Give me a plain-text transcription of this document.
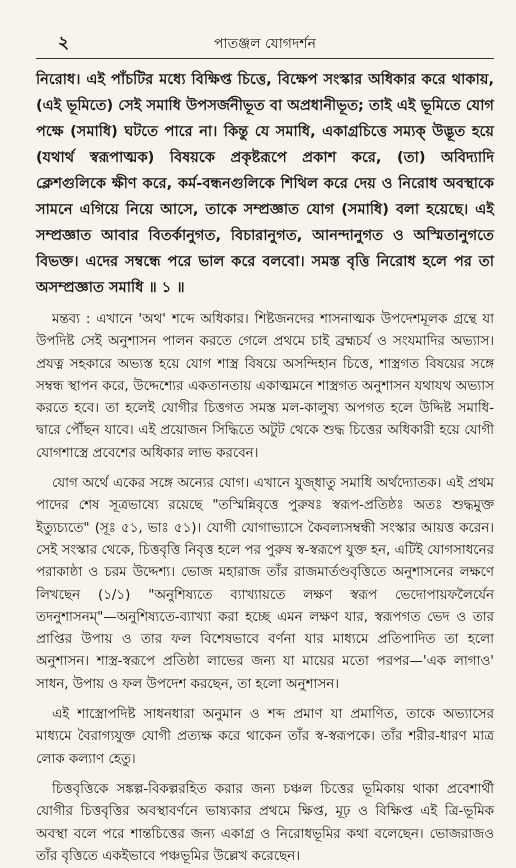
২	পাতঞ্জল যোগদর্শন

নিরোধ। এই পাঁচটির মধ্যে বিক্ষিপ্ত চিত্তে, বিক্ষেপ সংস্কার অধিকার করে থাকায়, (এই ভূমিতে) সেই সমাধি উপসর্জনীভূত বা অপ্রধানীভূত; তাই এই ভূমিতে যোগ পক্ষে (সমাধি) ঘটতে পারে না। কিন্তু যে সমাধি, একাগ্রচিত্তে সম্যক্ উদ্ভূত হয়ে (যথার্থ স্বরূপাত্মক) বিষয়কে প্রকৃষ্টরূপে প্রকাশ করে, (তা) অবিদ্যাদি ক্লেশগুলিকে ক্ষীণ করে, কর্ম-বন্ধনগুলিকে শিথিল করে দেয় ও নিরোধ অবস্থাকে সামনে এগিয়ে নিয়ে আসে, তাকে সম্প্রজ্ঞাত যোগ (সমাধি) বলা হয়েছে। এই সম্প্রজ্ঞাত আবার বিতর্কানুগত, বিচারানুগত, আনন্দানুগত ও অস্মিতানুগতে বিভক্ত। এদের সম্বন্ধে পরে ভাল করে বলবো। সমস্ত বৃত্তি নিরোধ হলে পর তা অসম্প্রজ্ঞাত সমাধি ॥ ১ ॥

মন্তব্য : এখানে 'অথ' শব্দে অধিকার। শিষ্টজনদের শাসনাত্মক উপদেশমূলক গ্রন্থে যা উপদিষ্ট সেই অনুশাসন পালন করতে গেলে প্রথমে চাই ব্রহ্মচর্য ও সংযমাদির অভ্যাস। প্রযত্ন সহকারে অভ্যস্ত হয়ে যোগ শাস্ত্র বিষয়ে অসন্দিহান চিত্তে, শাস্ত্রগত বিষয়ের সঙ্গে সম্বন্ধ স্থাপন করে, উদ্দেশ্যের একতানতায় একাত্মমনে শাস্ত্রগত অনুশাসন যথাযথ অভ্যাস করতে হবে। তা হলেই যোগীর চিত্তগত সমস্ত মল-কালুষ্য অপগত হলে উদ্দিষ্ট সমাধি-দ্বারে পৌঁছন যাবে। এই প্রয়োজন সিদ্ধিতে অটুট থেকে শুদ্ধ চিত্তের অধিকারী হয়ে যোগী যোগশাস্ত্রে প্রবেশের অধিকার লাভ করবেন।

যোগ অর্থে একের সঙ্গে অন্যের যোগ। এখানে যুজ্ধাতু সমাধি অর্থদ্যোতক। এই প্রথম পাদের শেষ সূত্রভাষ্যে রয়েছে "তস্মিন্নিবৃত্তে পুরুষঃ স্বরূপ-প্রতিষ্ঠঃ অতঃ শুদ্ধমুক্ত ইত্যুচ্যতে" (সূঃ ৫১, ভাঃ ৫১)। যোগী যোগাভ্যাসে কৈবল্যসম্বন্ধী সংস্কার আয়ত্ত করেন। সেই সংস্কার থেকে, চিত্তবৃত্তি নিবৃত্ত হলে পর পুরুষ স্ব-স্বরূপে যুক্ত হন, এটিই যোগসাধনের পরাকাষ্ঠা ও চরম উদ্দেশ্য। ভোজ মহারাজ তাঁর রাজমার্তণ্ডবৃত্তিতে অনুশাসনের লক্ষণে লিখছেন (১/১) "অনুশিষ্যতে ব্যাখ্যায়তে লক্ষণ স্বরূপ ভেদোপায়ফলৈর্যেন তদনুশাসনম্"—অনুশিষ্যতে-ব্যাখ্যা করা হচ্ছে এমন লক্ষণ যার, স্বরূপগত ভেদ ও তার প্রাপ্তির উপায় ও তার ফল বিশেষভাবে বর্ণনা যার মাধ্যমে প্রতিপাদিত তা হলো অনুশাসন। শাস্ত্র-স্বরূপে প্রতিষ্ঠা লাভের জন্য যা মায়ের মতো পরপর—'এক লাগাও' সাধন, উপায় ও ফল উপদেশ করছেন, তা হলো অনুশাসন।

এই শাস্ত্রোপদিষ্ট সাধনধারা অনুমান ও শব্দ প্রমাণ যা প্রমাণিত, তাকে অভ্যাসের মাধ্যমে বৈরাগ্যযুক্ত যোগী প্রত্যক্ষ করে থাকেন তাঁর স্ব-স্বরূপকে। তাঁর শরীর-ধারণ মাত্র লোক কল্যাণ হেতু।

চিত্তবৃত্তিকে সঙ্কল্প-বিকল্পরহিত করার জন্য চঞ্চল চিত্তের ভূমিকায় থাকা প্রবেশার্থী যোগীর চিত্তবৃত্তির অবস্থাবর্ণনে ভাষ্যকার প্রথমে ক্ষিপ্ত, মূঢ় ও বিক্ষিপ্ত এই ত্রি-ভূমিক অবস্থা বলে পরে শান্তচিত্তের জন্য একাগ্র ও নিরোধভূমির কথা বলেছেন। ভোজরাজও তাঁর বৃত্তিতে একইভাবে পঞ্চভূমির উল্লেখ করেছেন।
